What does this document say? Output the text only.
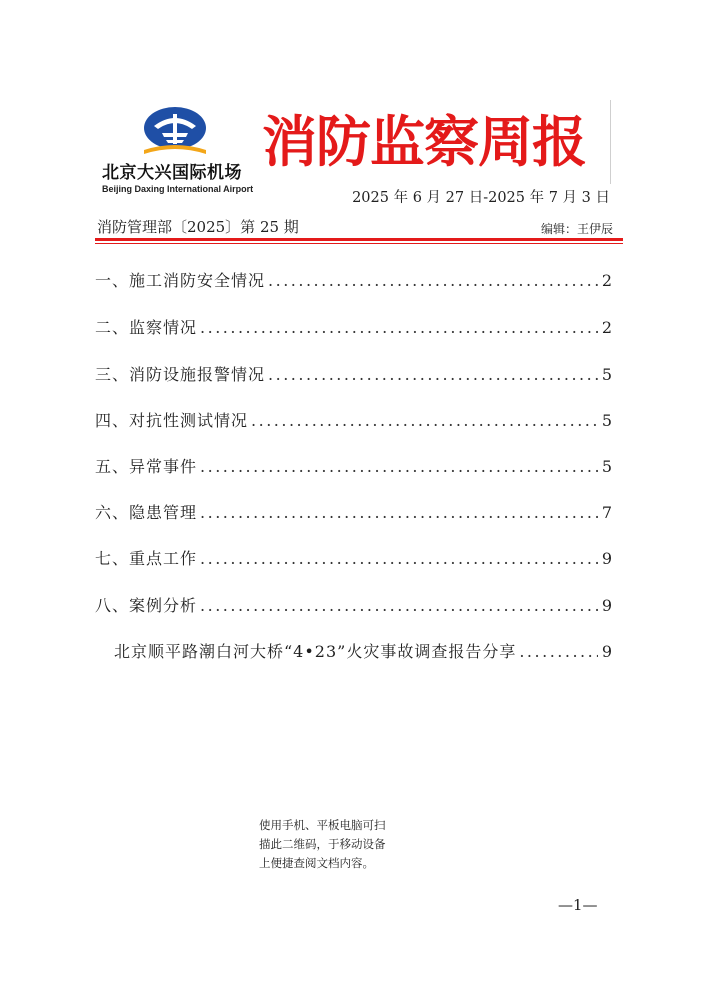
北京大兴国际机场
Beijing Daxing International Airport
消防监察周报
2025 年 6 月 27 日-2025 年 7 月 3 日
消防管理部〔2025〕第 25 期	编辑：王伊辰
一、施工消防安全情况 .....	2
二、监察情况 .....	2
三、消防设施报警情况 .....	5
四、对抗性测试情况 .....	5
五、异常事件 .....	5
六、隐患管理 .....	7
七、重点工作 .....	9
八、案例分析 .....	9
北京顺平路潮白河大桥“4•23”火灾事故调查报告分享 .....	9
使用手机、平板电脑可扫
描此二维码，于移动设备
上便捷查阅文档内容。
—1—
